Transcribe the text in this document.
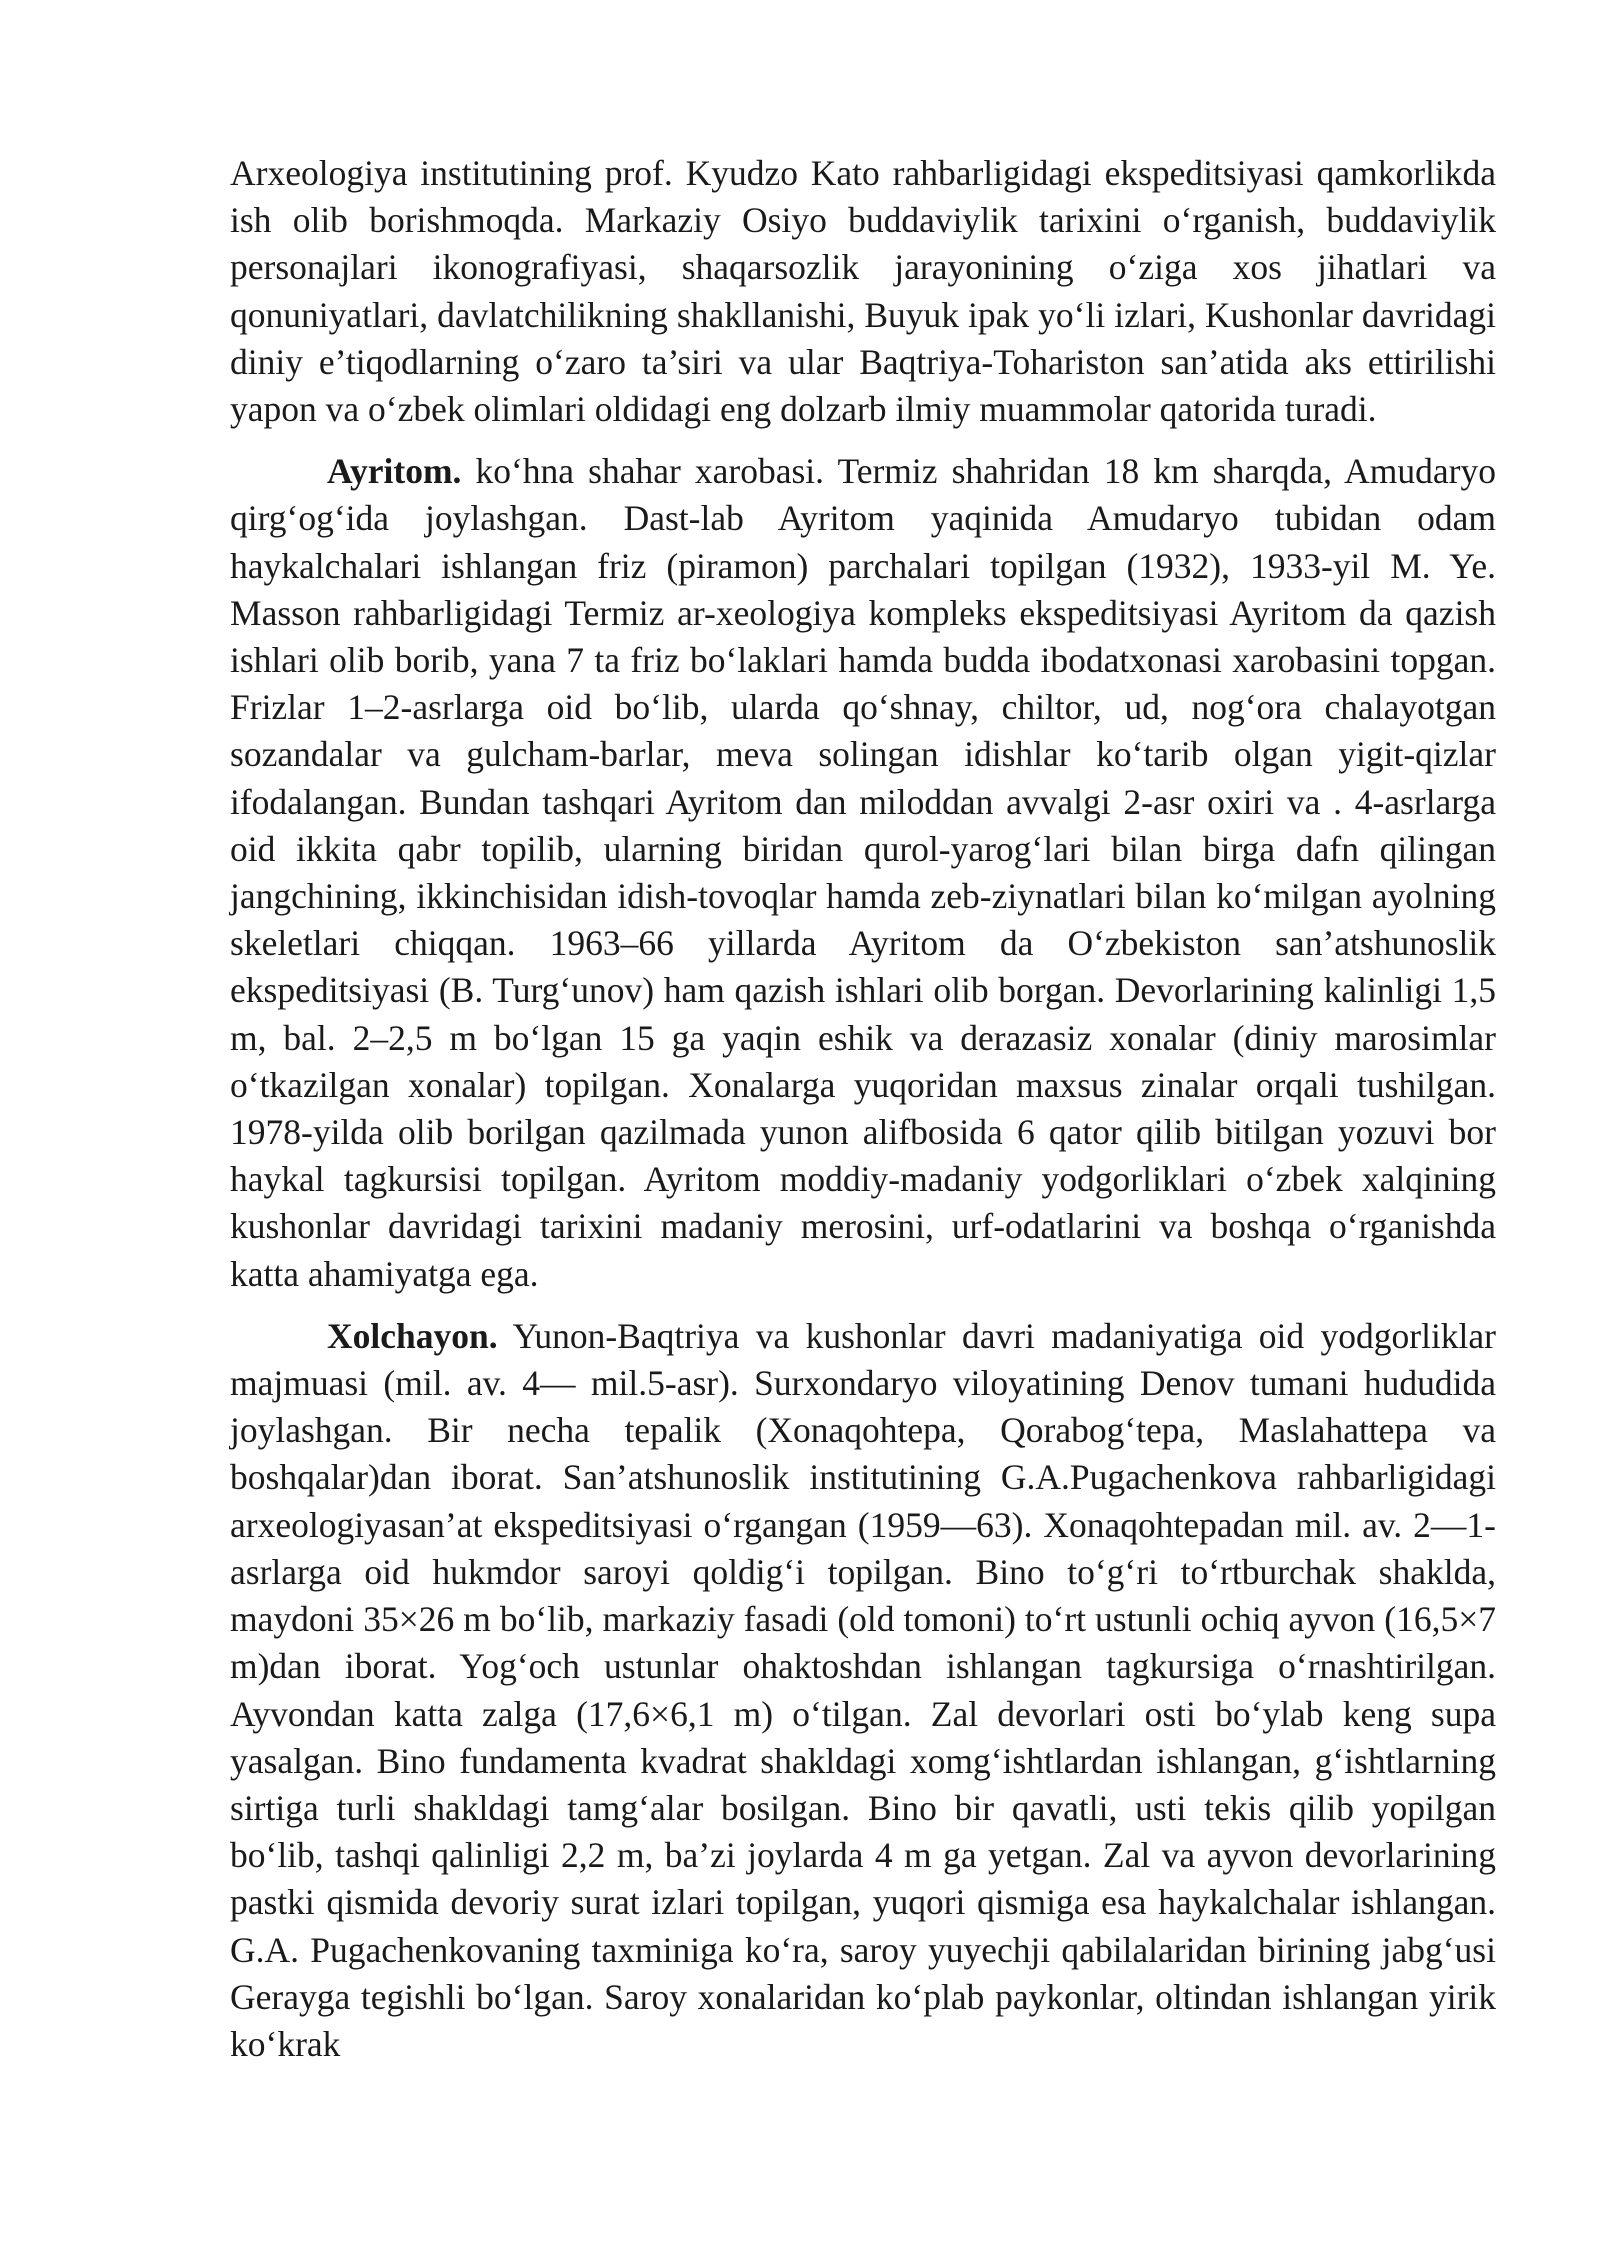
Arxeologiya institutining prof. Kyudzo Kato rahbarligidagi ekspeditsiyasi qamkorlikda ish olib borishmoqda. Markaziy Osiyo buddaviylik tarixini o‘rganish, buddaviylik personajlari ikonografiyasi, shaqarsozlik jarayonining o‘ziga xos jihatlari va qonuniyatlari, davlatchilikning shakllanishi, Buyuk ipak yo‘li izlari, Kushonlar davridagi diniy e’tiqodlarning o‘zaro ta’siri va ular Baqtriya-Tohariston san’atida aks ettirilishi yapon va o‘zbek olimlari oldidagi eng dolzarb ilmiy muammolar qatorida turadi.

Ayritom. ko‘hna shahar xarobasi. Termiz shahridan 18 km sharqda, Amudaryo qirg‘og‘ida joylashgan. Dast-lab Ayritom yaqinida Amudaryo tubidan odam haykalchalari ishlangan friz (piramon) parchalari topilgan (1932), 1933-yil M. Ye. Masson rahbarligidagi Termiz ar-xeologiya kompleks ekspeditsiyasi Ayritom da qazish ishlari olib borib, yana 7 ta friz bo‘laklari hamda budda ibodatxonasi xarobasini topgan. Frizlar 1–2-asrlarga oid bo‘lib, ularda qo‘shnay, chiltor, ud, nog‘ora chalayotgan sozandalar va gulcham-barlar, meva solingan idishlar ko‘tarib olgan yigit-qizlar ifodalangan. Bundan tashqari Ayritom dan miloddan avvalgi 2-asr oxiri va . 4-asrlarga oid ikkita qabr topilib, ularning biridan qurol-yarog‘lari bilan birga dafn qilingan jangchining, ikkinchisidan idish-tovoqlar hamda zeb-ziynatlari bilan ko‘milgan ayolning skeletlari chiqqan. 1963–66 yillarda Ayritom da O‘zbekiston san’atshunoslik ekspeditsiyasi (B. Turg‘unov) ham qazish ishlari olib borgan. Devorlarining kalinligi 1,5 m, bal. 2–2,5 m bo‘lgan 15 ga yaqin eshik va derazasiz xonalar (diniy marosimlar o‘tkazilgan xonalar) topilgan. Xonalarga yuqoridan maxsus zinalar orqali tushilgan. 1978-yilda olib borilgan qazilmada yunon alifbosida 6 qator qilib bitilgan yozuvi bor haykal tagkursisi topilgan. Ayritom moddiy-madaniy yodgorliklari o‘zbek xalqining kushonlar davridagi tarixini madaniy merosini, urf-odatlarini va boshqa o‘rganishda katta ahamiyatga ega.

Xolchayon. Yunon-Baqtriya va kushonlar davri madaniyatiga oid yodgorliklar majmuasi (mil. av. 4— mil.5-asr). Surxondaryo viloyatining Denov tumani hududida joylashgan. Bir necha tepalik (Xonaqohtepa, Qorabog‘tepa, Maslahattepa va boshqalar)dan iborat. San’atshunoslik institutining G.A.Pugachenkova rahbarligidagi arxeologiyasan’at ekspeditsiyasi o‘rgangan (1959—63). Xonaqohtepadan mil. av. 2—1-asrlarga oid hukmdor saroyi qoldig‘i topilgan. Bino to‘g‘ri to‘rtburchak shaklda, maydoni 35×26 m bo‘lib, markaziy fasadi (old tomoni) to‘rt ustunli ochiq ayvon (16,5×7 m)dan iborat. Yog‘och ustunlar ohaktoshdan ishlangan tagkursiga o‘rnashtirilgan. Ayvondan katta zalga (17,6×6,1 m) o‘tilgan. Zal devorlari osti bo‘ylab keng supa yasalgan. Bino fundamenta kvadrat shakldagi xomg‘ishtlardan ishlangan, g‘ishtlarning sirtiga turli shakldagi tamg‘alar bosilgan. Bino bir qavatli, usti tekis qilib yopilgan bo‘lib, tashqi qalinligi 2,2 m, ba’zi joylarda 4 m ga yetgan. Zal va ayvon devorlarining pastki qismida devoriy surat izlari topilgan, yuqori qismiga esa haykalchalar ishlangan. G.A. Pugachenkovaning taxminiga ko‘ra, saroy yuyechji qabilalaridan birining jabg‘usi Gerayga tegishli bo‘lgan. Saroy xonalaridan ko‘plab paykonlar, oltindan ishlangan yirik ko‘krak
